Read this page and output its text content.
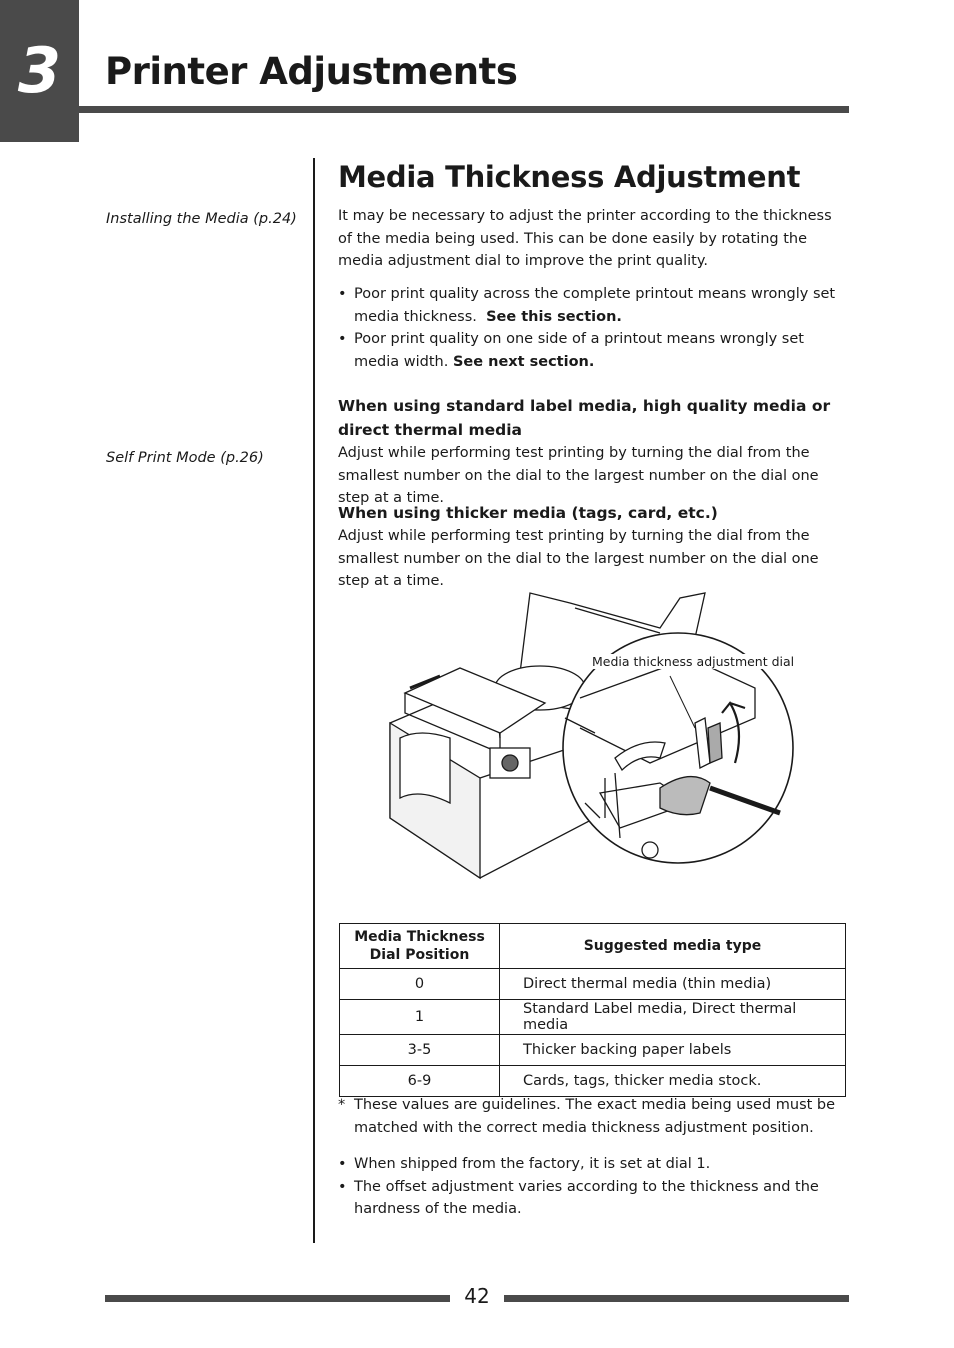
3	Printer Adjustments

Installing the Media (p.24)

Self Print Mode (p.26)

Media Thickness Adjustment

It may be necessary to adjust the printer according to the thickness of the media being used. This can be done easily by rotating the media adjustment dial to improve the print quality.

• Poor print quality across the complete printout means wrongly set media thickness. See this section.
• Poor print quality on one side of a printout means wrongly set media width. See next section.

When using standard label media, high quality media or direct thermal media

Adjust while performing test printing by turning the dial from the smallest number on the dial to the largest number on the dial one step at a time.

When using thicker media (tags, card, etc.)

Adjust while performing test printing by turning the dial from the smallest number on the dial to the largest number on the dial one step at a time.

Media thickness adjustment dial
Media Thickness Dial Position	Suggested media type
0	Direct thermal media (thin media)
1	Standard Label media, Direct thermal media
3-5	Thicker backing paper labels
6-9	Cards, tags, thicker media stock.
* These values are guidelines. The exact media being used must be matched with the correct media thickness adjustment position.

• When shipped from the factory, it is set at dial 1.
• The offset adjustment varies according to the thickness and the hardness of the media.
42
